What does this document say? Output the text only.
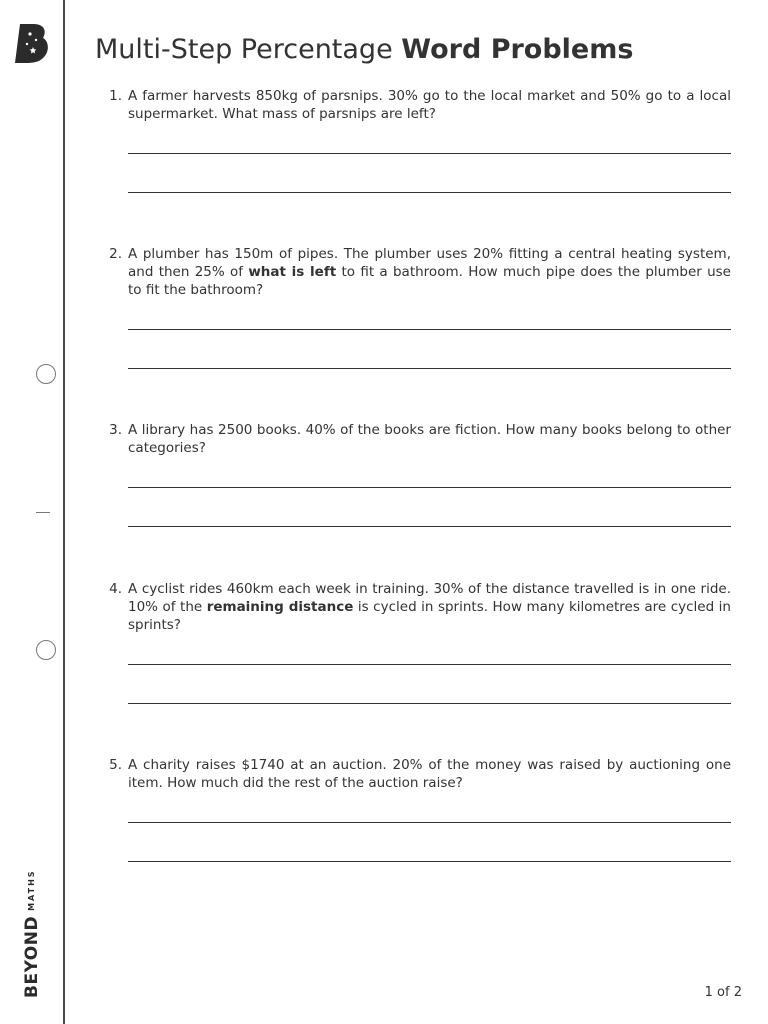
BEYONDMATHS
Multi-Step Percentage Word Problems
1. A farmer harvests 850kg of parsnips. 30% go to the local market and 50% go to a local supermarket. What mass of parsnips are left?
2. A plumber has 150m of pipes. The plumber uses 20% fitting a central heating system, and then 25% of what is left to fit a bathroom. How much pipe does the plumber use to fit the bathroom?
3. A library has 2500 books. 40% of the books are fiction. How many books belong to other categories?
4. A cyclist rides 460km each week in training. 30% of the distance travelled is in one ride. 10% of the remaining distance is cycled in sprints. How many kilometres are cycled in sprints?
5. A charity raises $1740 at an auction. 20% of the money was raised by auctioning one item. How much did the rest of the auction raise?
1 of 2
